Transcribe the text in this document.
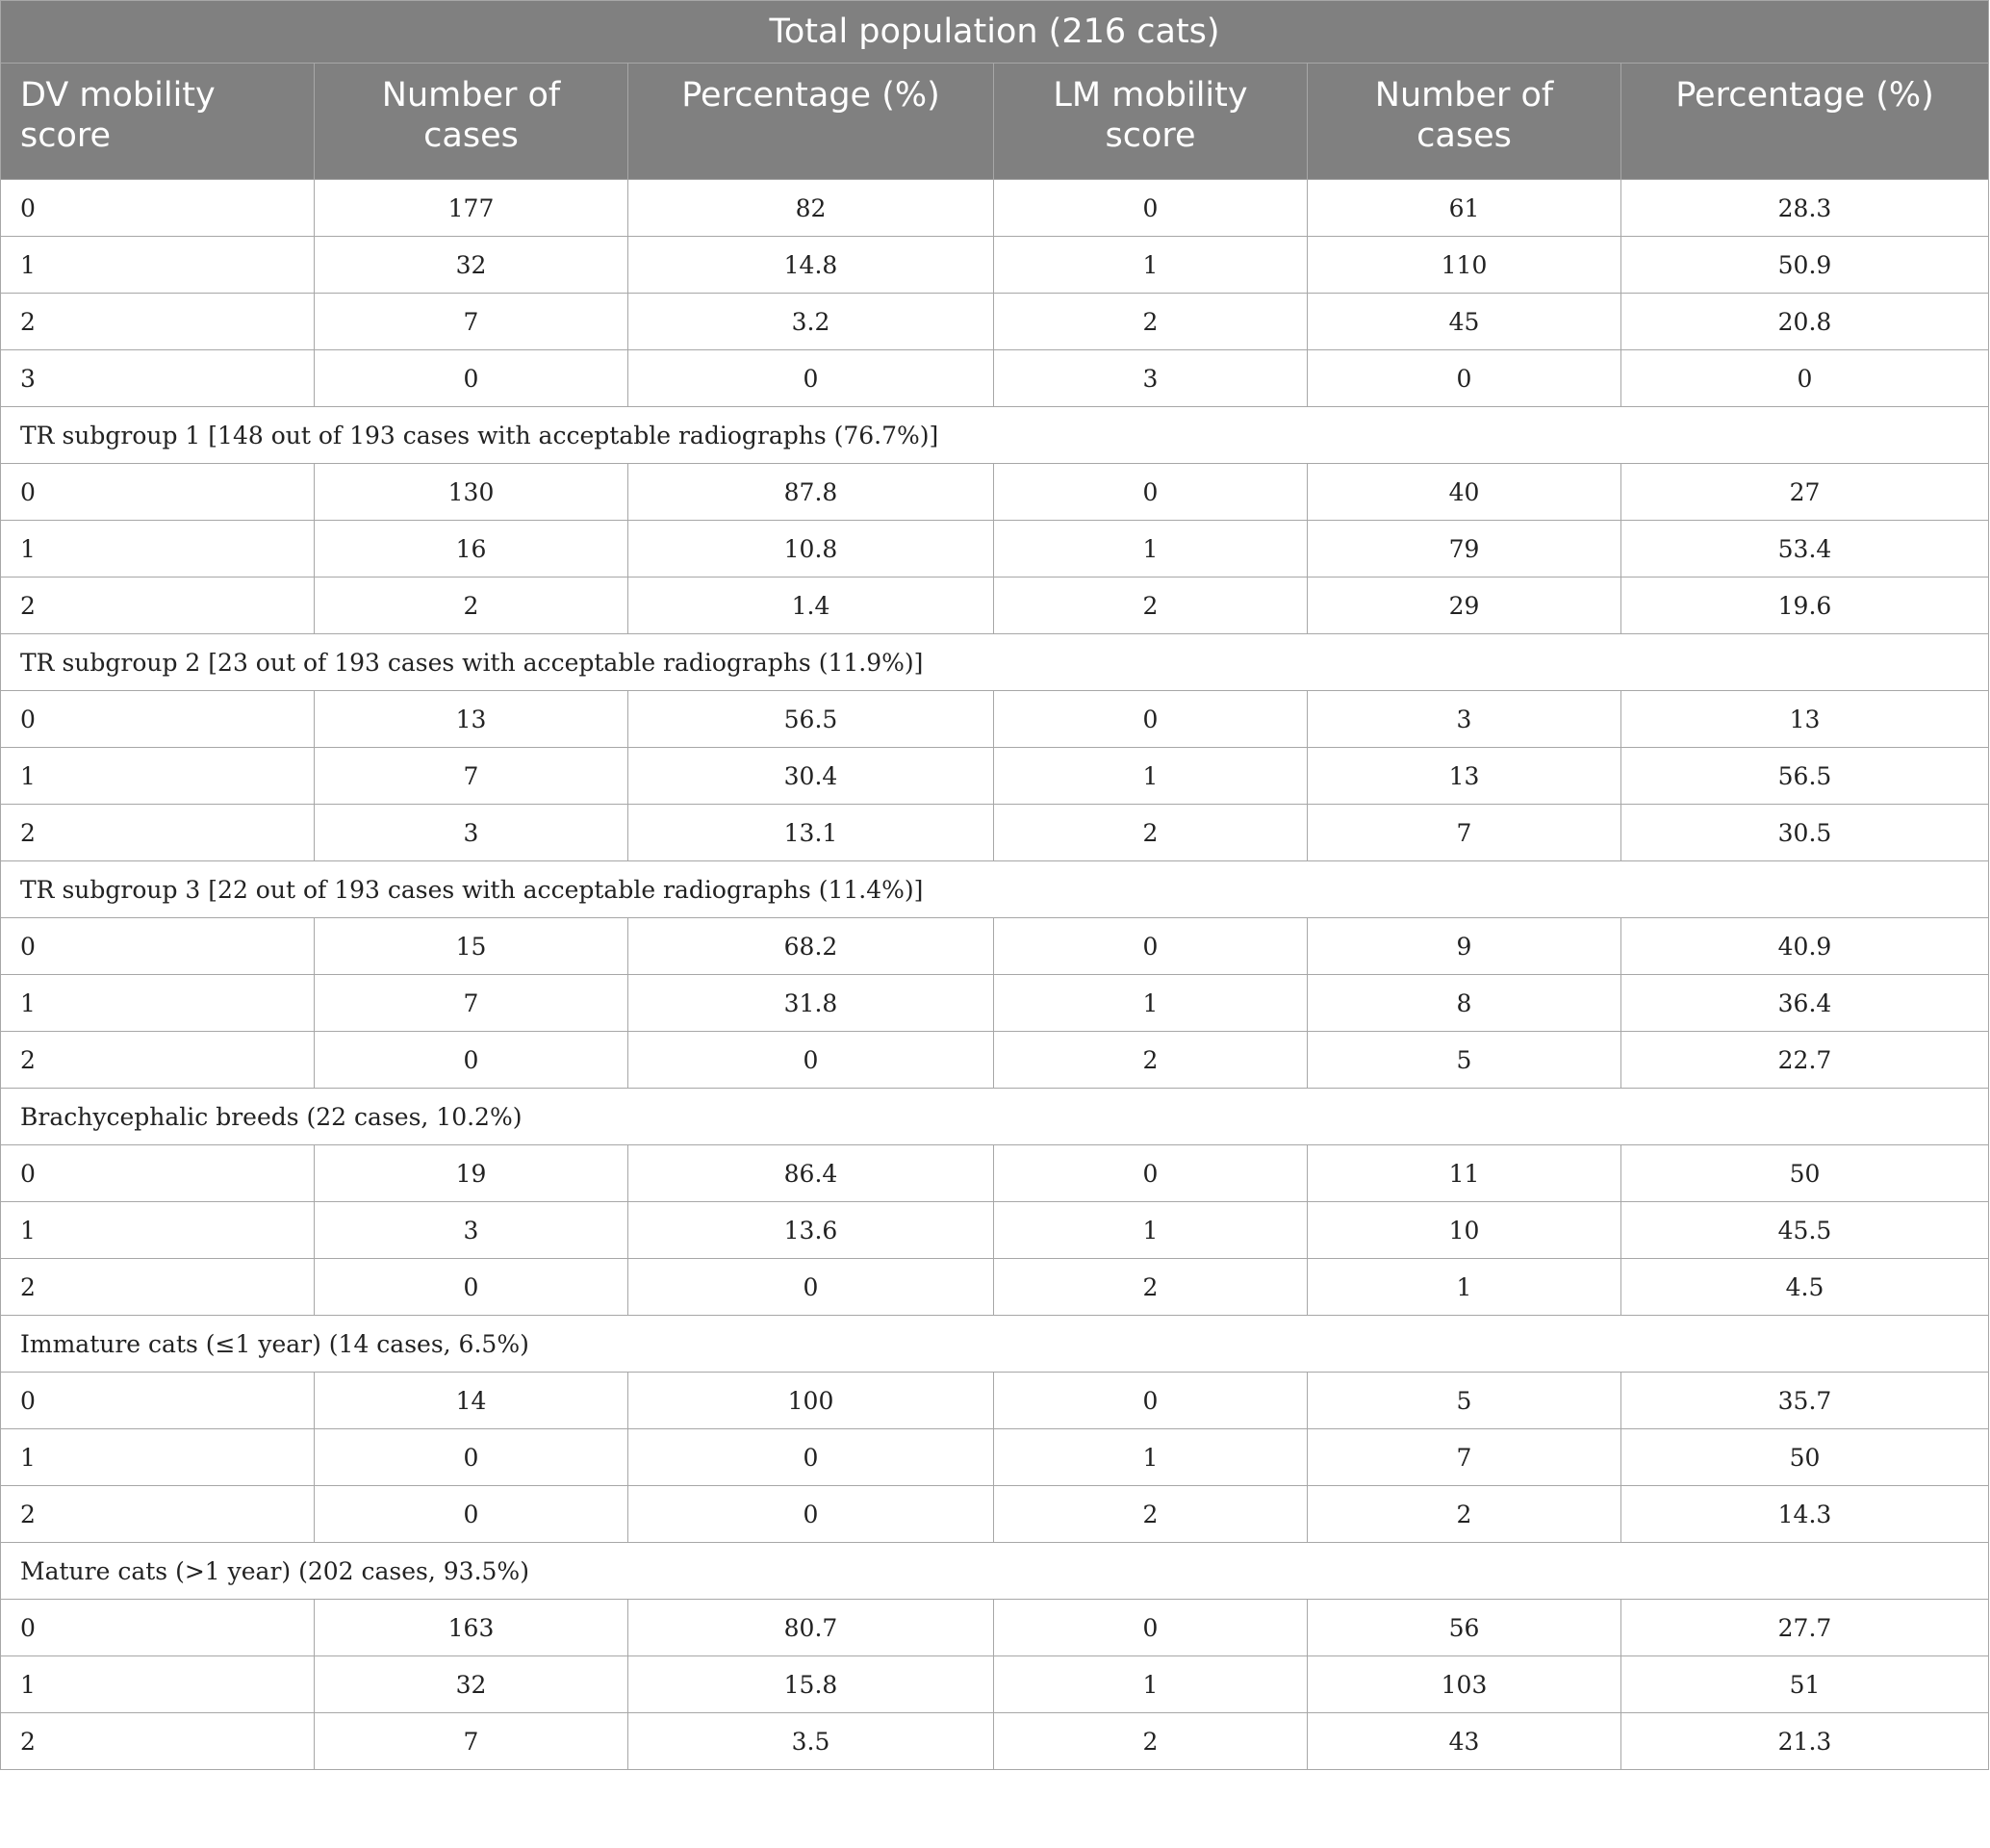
Total population (216 cats)					
DV mobility score	Number of cases	Percentage (%)	LM mobility score	Number of cases	Percentage (%)
0	177	82	0	61	28.3
1	32	14.8	1	110	50.9
2	7	3.2	2	45	20.8
3	0	0	3	0	0
TR subgroup 1 [148 out of 193 cases with acceptable radiographs (76.7%)]					
0	130	87.8	0	40	27
1	16	10.8	1	79	53.4
2	2	1.4	2	29	19.6
TR subgroup 2 [23 out of 193 cases with acceptable radiographs (11.9%)]					
0	13	56.5	0	3	13
1	7	30.4	1	13	56.5
2	3	13.1	2	7	30.5
TR subgroup 3 [22 out of 193 cases with acceptable radiographs (11.4%)]					
0	15	68.2	0	9	40.9
1	7	31.8	1	8	36.4
2	0	0	2	5	22.7
Brachycephalic breeds (22 cases, 10.2%)					
0	19	86.4	0	11	50
1	3	13.6	1	10	45.5
2	0	0	2	1	4.5
Immature cats (≤1 year) (14 cases, 6.5%)					
0	14	100	0	5	35.7
1	0	0	1	7	50
2	0	0	2	2	14.3
Mature cats (>1 year) (202 cases, 93.5%)					
0	163	80.7	0	56	27.7
1	32	15.8	1	103	51
2	7	3.5	2	43	21.3
